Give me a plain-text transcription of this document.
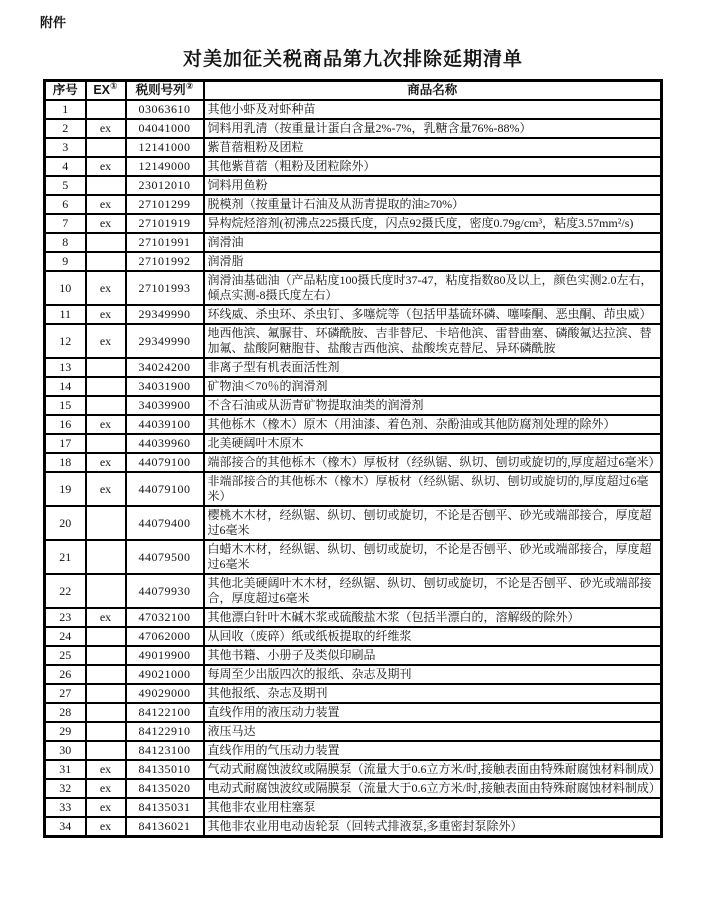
附件
对美加征关税商品第九次排除延期清单
序号	EX①	税则号列②	商品名称
1		03063610	其他小虾及对虾种苗
2	ex	04041000	饲料用乳清（按重量计蛋白含量2%-7%，乳糖含量76%-88%）
3		12141000	紫苜蓿粗粉及团粒
4	ex	12149000	其他紫苜蓿（粗粉及团粒除外）
5		23012010	饲料用鱼粉
6	ex	27101299	脱模剂（按重量计石油及从沥青提取的油≥70%）
7	ex	27101919	异构烷烃溶剂(初沸点225摄氏度，闪点92摄氏度，密度0.79g/cm³，粘度3.57mm²/s)
8		27101991	润滑油
9		27101992	润滑脂
10	ex	27101993	润滑油基础油（产品粘度100摄氏度时37-47，粘度指数80及以上，颜色实测2.0左右，倾点实测-8摄氏度左右）
11	ex	29349990	环线威、杀虫环、杀虫钉、多噻烷等（包括甲基硫环磷、噻嗪酮、恶虫酮、茚虫威）
12	ex	29349990	地西他滨、氟脲苷、环磷酰胺、吉非替尼、卡培他滨、雷替曲塞、磷酸氟达拉滨、替加氟、盐酸阿糖胞苷、盐酸吉西他滨、盐酸埃克替尼、异环磷酰胺
13		34024200	非离子型有机表面活性剂
14		34031900	矿物油＜70％的润滑剂
15		34039900	不含石油或从沥青矿物提取油类的润滑剂
16	ex	44039100	其他栎木（橡木）原木（用油漆、着色剂、杂酚油或其他防腐剂处理的除外）
17		44039960	北美硬阔叶木原木
18	ex	44079100	端部接合的其他栎木（橡木）厚板材（经纵锯、纵切、刨切或旋切的,厚度超过6毫米）
19	ex	44079100	非端部接合的其他栎木（橡木）厚板材（经纵锯、纵切、刨切或旋切的,厚度超过6毫米）
20		44079400	樱桃木木材，经纵锯、纵切、刨切或旋切，不论是否刨平、砂光或端部接合，厚度超过6毫米
21		44079500	白蜡木木材，经纵锯、纵切、刨切或旋切，不论是否刨平、砂光或端部接合，厚度超过6毫米
22		44079930	其他北美硬阔叶木木材，经纵锯、纵切、刨切或旋切，不论是否刨平、砂光或端部接合，厚度超过6毫米
23	ex	47032100	其他漂白针叶木碱木浆或硫酸盐木浆（包括半漂白的，溶解级的除外）
24		47062000	从回收（废碎）纸或纸板提取的纤维浆
25		49019900	其他书籍、小册子及类似印刷品
26		49021000	每周至少出版四次的报纸、杂志及期刊
27		49029000	其他报纸、杂志及期刊
28		84122100	直线作用的液压动力装置
29		84122910	液压马达
30		84123100	直线作用的气压动力装置
31	ex	84135010	气动式耐腐蚀波纹或隔膜泵（流量大于0.6立方米/时,接触表面由特殊耐腐蚀材料制成）
32	ex	84135020	电动式耐腐蚀波纹或隔膜泵（流量大于0.6立方米/时,接触表面由特殊耐腐蚀材料制成）
33	ex	84135031	其他非农业用柱塞泵
34	ex	84136021	其他非农业用电动齿轮泵（回转式排液泵,多重密封泵除外）
